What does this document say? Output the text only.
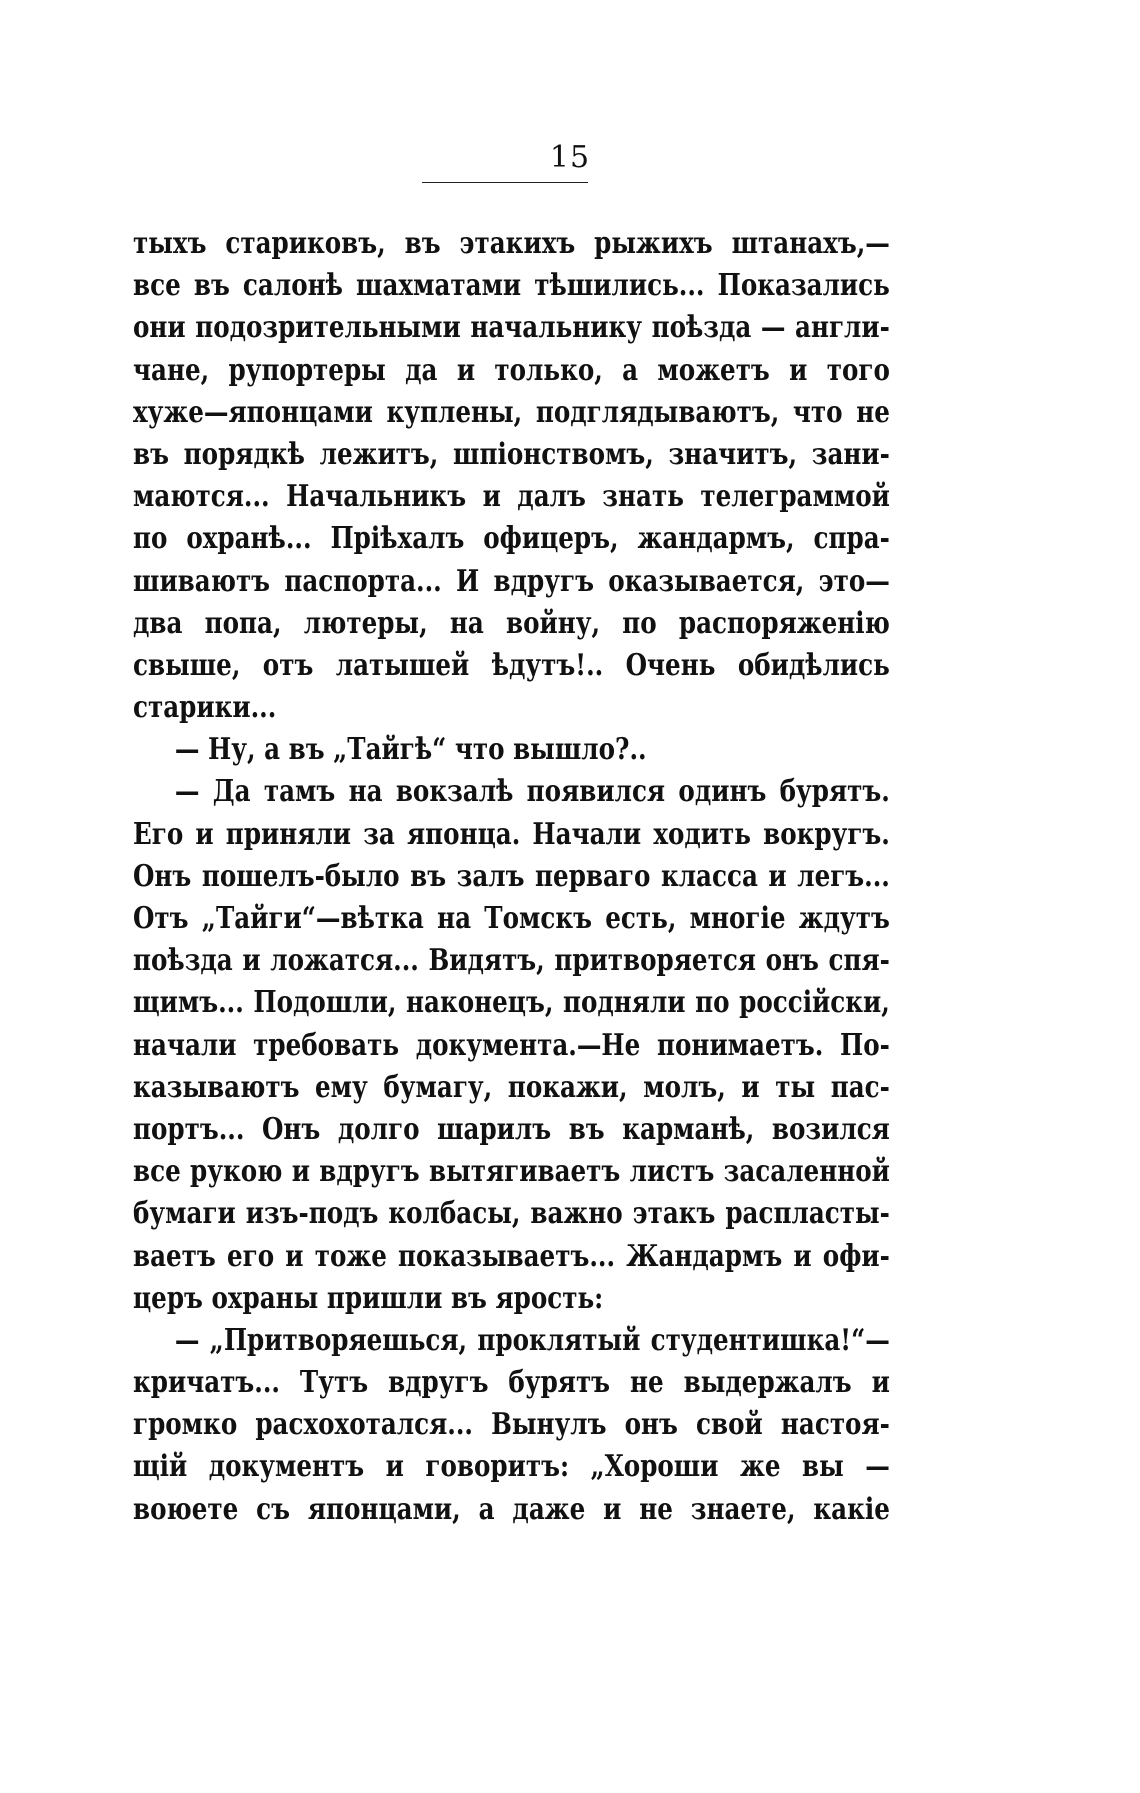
15
тыхъ стариковъ, въ этакихъ рыжихъ штанахъ,—
все въ салонѣ шахматами тѣшились... Показались
они подозрительными начальнику поѣзда — англи-
чане, рупортеры да и только, а можетъ и того
хуже—японцами куплены, подглядываютъ, что не
въ порядкѣ лежитъ, шпіонствомъ, значитъ, зани-
маются... Начальникъ и далъ знать телеграммой
по охранѣ... Пріѣхалъ офицеръ, жандармъ, спра-
шиваютъ паспорта... И вдругъ оказывается, это—
два попа, лютеры, на войну, по распоряженію
свыше, отъ латышей ѣдутъ!.. Очень обидѣлись
старики...
— Ну, а въ „Тайгѣ“ что вышло?..
— Да тамъ на вокзалѣ появился одинъ бурятъ.
Его и приняли за японца. Начали ходить вокругъ.
Онъ пошелъ-было въ залъ перваго класса и легъ...
Отъ „Тайги“—вѣтка на Томскъ есть, многіе ждутъ
поѣзда и ложатся... Видятъ, притворяется онъ спя-
щимъ... Подошли, наконецъ, подняли по россійски,
начали требовать документа.—Не понимаетъ. По-
казываютъ ему бумагу, покажи, молъ, и ты пас-
портъ... Онъ долго шарилъ въ карманѣ, возился
все рукою и вдругъ вытягиваетъ листъ засаленной
бумаги изъ-подъ колбасы, важно этакъ распласты-
ваетъ его и тоже показываетъ... Жандармъ и офи-
церъ охраны пришли въ ярость:
— „Притворяешься, проклятый студентишка!“—
кричатъ... Тутъ вдругъ бурятъ не выдержалъ и
громко расхохотался... Вынулъ онъ свой настоя-
щій документъ и говоритъ: „Хороши же вы —
воюете съ японцами, а даже и не знаете, какіе
